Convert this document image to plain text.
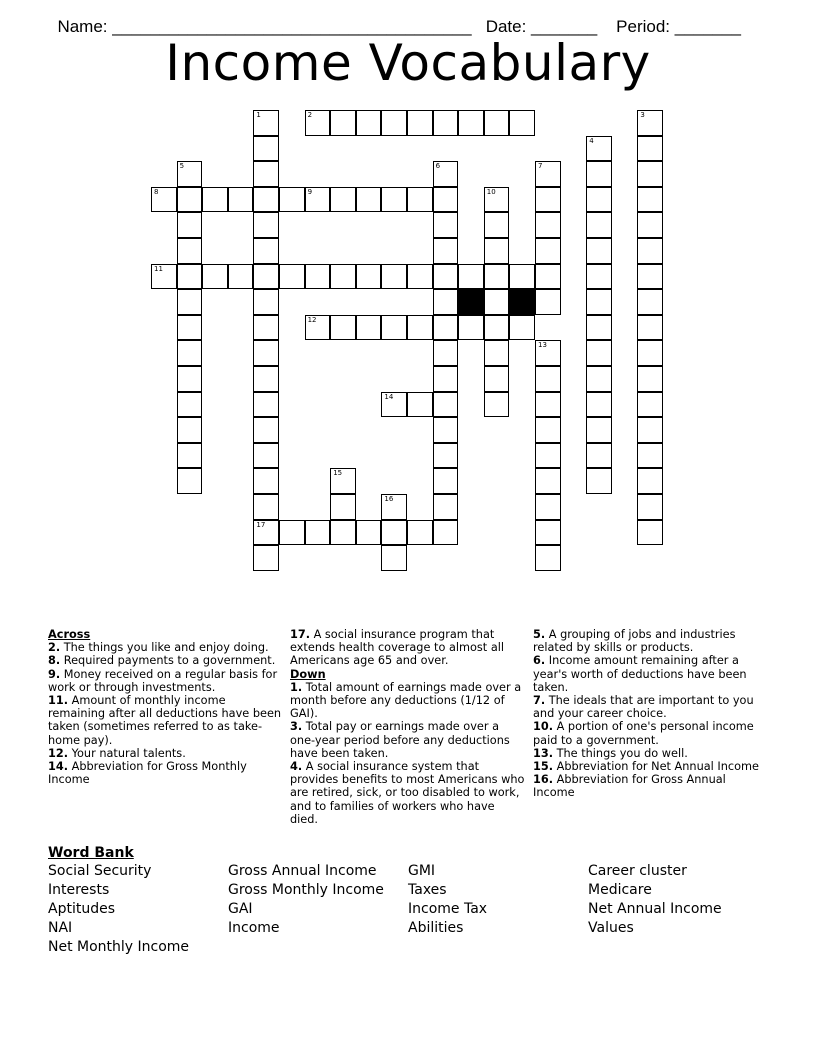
Name: ______________________________________ Date: _______ Period: _______

Income Vocabulary
2
8	9
11
12
14
17
1	3
4
5	6	7
10
13
15
16
Across

2. The things you like and enjoy doing.

8. Required payments to a government.

9. Money received on a regular basis for work or through investments.

11. Amount of monthly income remaining after all deductions have been taken (sometimes referred to as take-home pay).

12. Your natural talents.

14. Abbreviation for Gross Monthly Income

17. A social insurance program that extends health coverage to almost all Americans age 65 and over.

Down

1. Total amount of earnings made over a month before any deductions (1/12 of GAI).

3. Total pay or earnings made over a one-year period before any deductions have been taken.

4. A social insurance system that provides benefits to most Americans who are retired, sick, or too disabled to work, and to families of workers who have died.

5. A grouping of jobs and industries related by skills or products.

6. Income amount remaining after a year's worth of deductions have been taken.

7. The ideals that are important to you and your career choice.

10. A portion of one's personal income paid to a government.

13. The things you do well.

15. Abbreviation for Net Annual Income

16. Abbreviation for Gross Annual Income

Word Bank
Social Security
Interests
Aptitudes
NAI
Net Monthly Income
Gross Annual Income
Gross Monthly Income
GAI
Income
GMI
Taxes
Income Tax
Abilities
Career cluster
Medicare
Net Annual Income
Values
